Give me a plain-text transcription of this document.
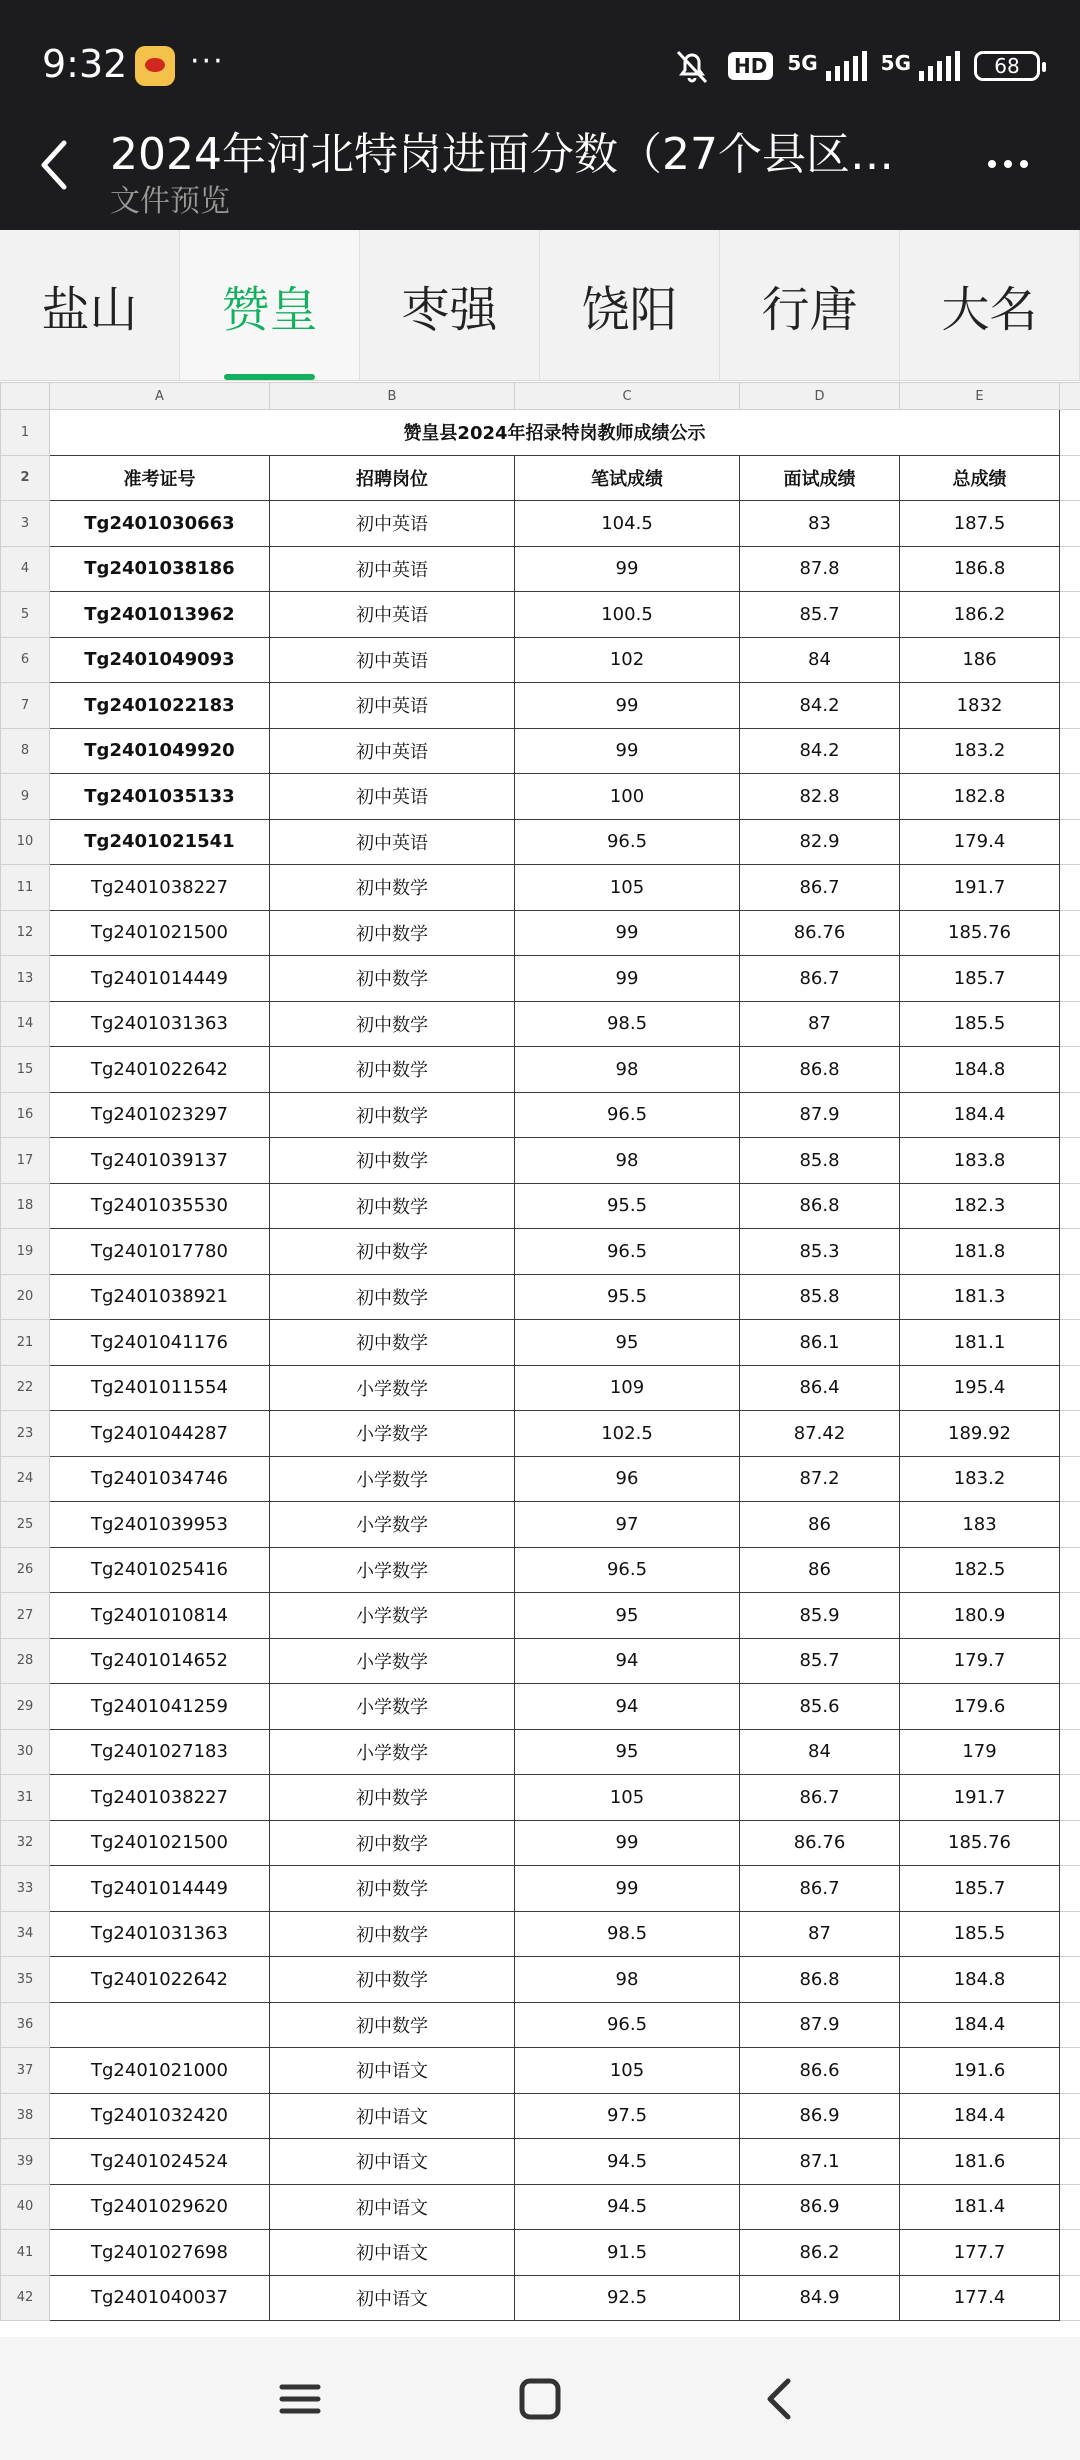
9:32 ···	HD	5G	5G	68
2024年河北特岗进面分数（27个县区…
文件预览
盐山	赞皇	枣强	饶阳	行唐	大名
	A	B	C	D	E	
1	赞皇县2024年招录特岗教师成绩公示					
2	准考证号	招聘岗位	笔试成绩	面试成绩	总成绩	
3	Tg2401030663	初中英语	104.5	83	187.5	
4	Tg2401038186	初中英语	99	87.8	186.8	
5	Tg2401013962	初中英语	100.5	85.7	186.2	
6	Tg2401049093	初中英语	102	84	186	
7	Tg2401022183	初中英语	99	84.2	1832	
8	Tg2401049920	初中英语	99	84.2	183.2	
9	Tg2401035133	初中英语	100	82.8	182.8	
10	Tg2401021541	初中英语	96.5	82.9	179.4	
11	Tg2401038227	初中数学	105	86.7	191.7	
12	Tg2401021500	初中数学	99	86.76	185.76	
13	Tg2401014449	初中数学	99	86.7	185.7	
14	Tg2401031363	初中数学	98.5	87	185.5	
15	Tg2401022642	初中数学	98	86.8	184.8	
16	Tg2401023297	初中数学	96.5	87.9	184.4	
17	Tg2401039137	初中数学	98	85.8	183.8	
18	Tg2401035530	初中数学	95.5	86.8	182.3	
19	Tg2401017780	初中数学	96.5	85.3	181.8	
20	Tg2401038921	初中数学	95.5	85.8	181.3	
21	Tg2401041176	初中数学	95	86.1	181.1	
22	Tg2401011554	小学数学	109	86.4	195.4	
23	Tg2401044287	小学数学	102.5	87.42	189.92	
24	Tg2401034746	小学数学	96	87.2	183.2	
25	Tg2401039953	小学数学	97	86	183	
26	Tg2401025416	小学数学	96.5	86	182.5	
27	Tg2401010814	小学数学	95	85.9	180.9	
28	Tg2401014652	小学数学	94	85.7	179.7	
29	Tg2401041259	小学数学	94	85.6	179.6	
30	Tg2401027183	小学数学	95	84	179	
31	Tg2401038227	初中数学	105	86.7	191.7	
32	Tg2401021500	初中数学	99	86.76	185.76	
33	Tg2401014449	初中数学	99	86.7	185.7	
34	Tg2401031363	初中数学	98.5	87	185.5	
35	Tg2401022642	初中数学	98	86.8	184.8	
36		初中数学	96.5	87.9	184.4	
37	Tg2401021000	初中语文	105	86.6	191.6	
38	Tg2401032420	初中语文	97.5	86.9	184.4	
39	Tg2401024524	初中语文	94.5	87.1	181.6	
40	Tg2401029620	初中语文	94.5	86.9	181.4	
41	Tg2401027698	初中语文	91.5	86.2	177.7	
42	Tg2401040037	初中语文	92.5	84.9	177.4	
